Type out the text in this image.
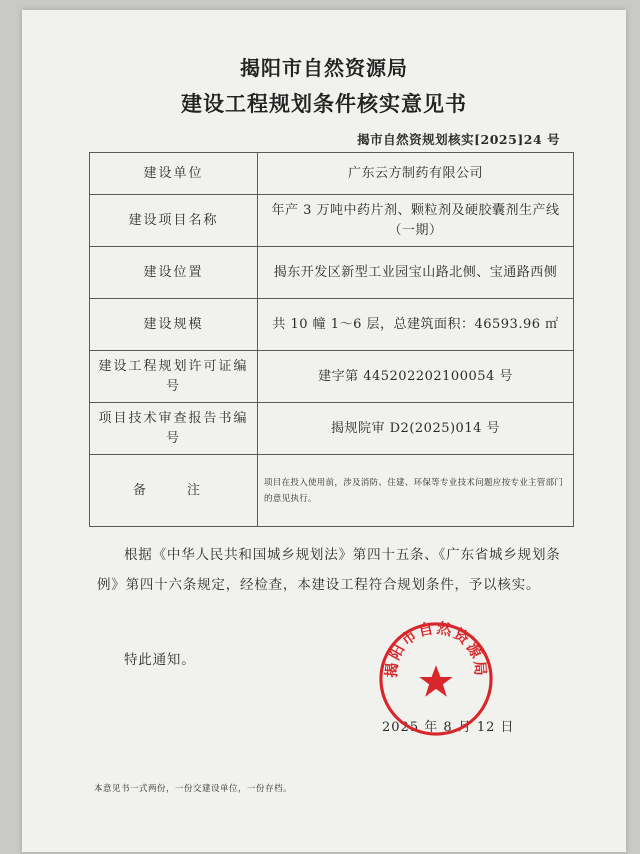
揭阳市自然资源局
建设工程规划条件核实意见书
揭市自然资规划核实[2025]24 号
建设单位	广东云方制药有限公司
建设项目名称	年产 3 万吨中药片剂、颗粒剂及硬胶囊剂生产线（一期）
建设位置	揭东开发区新型工业园宝山路北侧、宝通路西侧
建设规模	共 10 幢 1～6 层，总建筑面积：46593.96 ㎡
建设工程规划许可证编号	建字第 445202202100054 号
项目技术审查报告书编号	揭规院审 D2(2025)014 号
备　注	项目在投入使用前，涉及消防、住建、环保等专业技术问题应按专业主管部门的意见执行。
根据《中华人民共和国城乡规划法》第四十五条、《广东省城乡规划条例》第四十六条规定，经检查，本建设工程符合规划条件，予以核实。
特此通知。
2025 年 8 月 12 日
揭阳市自然资源局
本意见书一式两份，一份交建设单位，一份存档。
